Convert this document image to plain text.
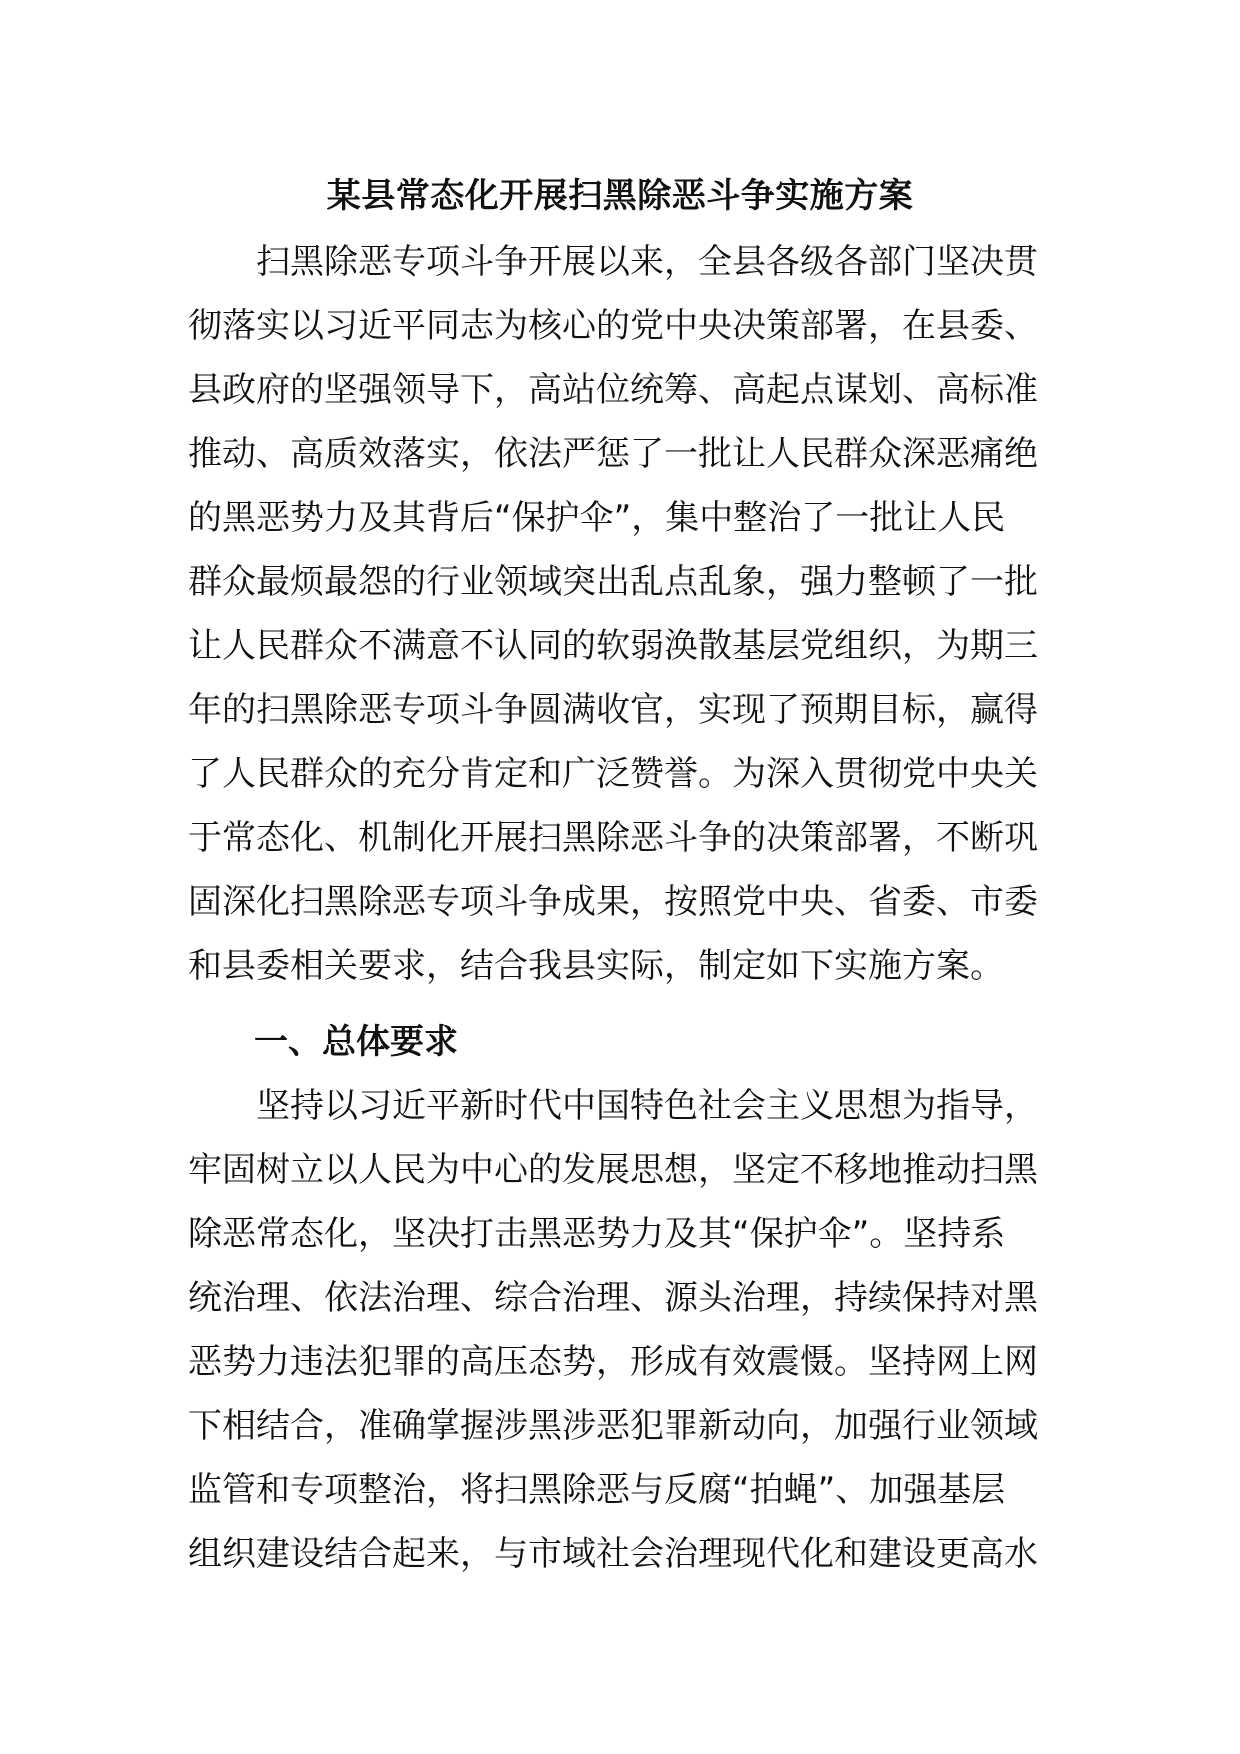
某县常态化开展扫黑除恶斗争实施方案
　　扫黑除恶专项斗争开展以来，全县各级各部门坚决贯
彻落实以习近平同志为核心的党中央决策部署，在县委、
县政府的坚强领导下，高站位统筹、高起点谋划、高标准
推动、高质效落实，依法严惩了一批让人民群众深恶痛绝
的黑恶势力及其背后“保护伞”，集中整治了一批让人民
群众最烦最怨的行业领域突出乱点乱象，强力整顿了一批
让人民群众不满意不认同的软弱涣散基层党组织，为期三
年的扫黑除恶专项斗争圆满收官，实现了预期目标，赢得
了人民群众的充分肯定和广泛赞誉。为深入贯彻党中央关
于常态化、机制化开展扫黑除恶斗争的决策部署，不断巩
固深化扫黑除恶专项斗争成果，按照党中央、省委、市委
和县委相关要求，结合我县实际，制定如下实施方案。
一、总体要求
　　坚持以习近平新时代中国特色社会主义思想为指导，
牢固树立以人民为中心的发展思想，坚定不移地推动扫黑
除恶常态化，坚决打击黑恶势力及其“保护伞”。坚持系
统治理、依法治理、综合治理、源头治理，持续保持对黑
恶势力违法犯罪的高压态势，形成有效震慑。坚持网上网
下相结合，准确掌握涉黑涉恶犯罪新动向，加强行业领域
监管和专项整治，将扫黑除恶与反腐“拍蝇”、加强基层
组织建设结合起来，与市域社会治理现代化和建设更高水
